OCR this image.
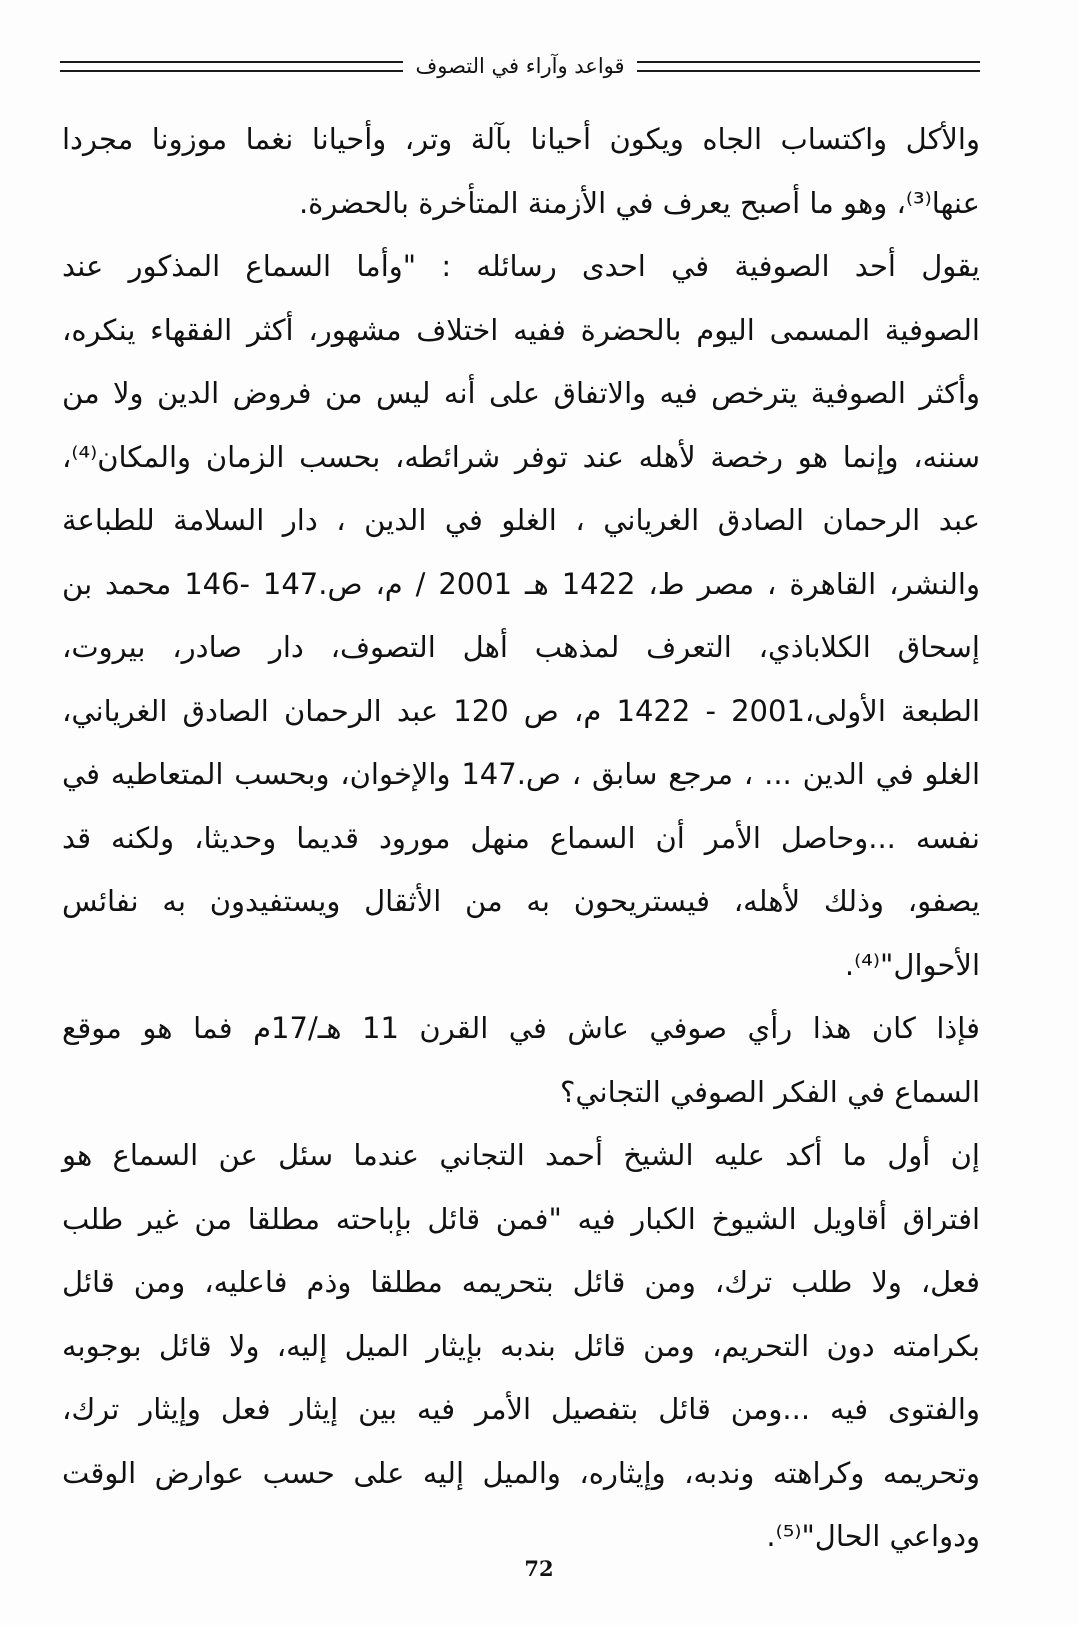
قواعد وآراء في التصوف
والأكل واكتساب الجاه ويكون أحيانا بآلة وتر، وأحيانا نغما موزونا مجردا
عنها⁽³⁾، وهو ما أصبح يعرف في الأزمنة المتأخرة بالحضرة.
يقول أحد الصوفية في احدى رسائله : "وأما السماع المذكور عند
الصوفية المسمى اليوم بالحضرة ففيه اختلاف مشهور، أكثر الفقهاء ينكره،
وأكثر الصوفية يترخص فيه والاتفاق على أنه ليس من فروض الدين ولا من
سننه، وإنما هو رخصة لأهله عند توفر شرائطه، بحسب الزمان والمكان⁽⁴⁾،
عبد الرحمان الصادق الغرياني ، الغلو في الدين ، دار السلامة للطباعة
والنشر، القاهرة ، مصر ط، 1422 هـ 2001 / م، ص.147 -146 محمد بن
إسحاق الكلاباذي، التعرف لمذهب أهل التصوف، دار صادر، بيروت،
الطبعة الأولى،2001 - 1422 م، ص 120 عبد الرحمان الصادق الغرياني،
الغلو في الدين ... ، مرجع سابق ، ص.147 والإخوان، وبحسب المتعاطيه في
نفسه ...وحاصل الأمر أن السماع منهل مورود قديما وحديثا، ولكنه قد
يصفو، وذلك لأهله، فيستريحون به من الأثقال ويستفيدون به نفائس
الأحوال"⁽⁴⁾.
فإذا كان هذا رأي صوفي عاش في القرن 11 هـ/17م فما هو موقع
السماع في الفكر الصوفي التجاني؟
إن أول ما أكد عليه الشيخ أحمد التجاني عندما سئل عن السماع هو
افتراق أقاويل الشيوخ الكبار فيه "فمن قائل بإباحته مطلقا من غير طلب
فعل، ولا طلب ترك، ومن قائل بتحريمه مطلقا وذم فاعليه، ومن قائل
بكرامته دون التحريم، ومن قائل بندبه بإيثار الميل إليه، ولا قائل بوجوبه
والفتوى فيه ...ومن قائل بتفصيل الأمر فيه بين إيثار فعل وإيثار ترك،
وتحريمه وكراهته وندبه، وإيثاره، والميل إليه على حسب عوارض الوقت
ودواعي الحال"⁽⁵⁾.
72
